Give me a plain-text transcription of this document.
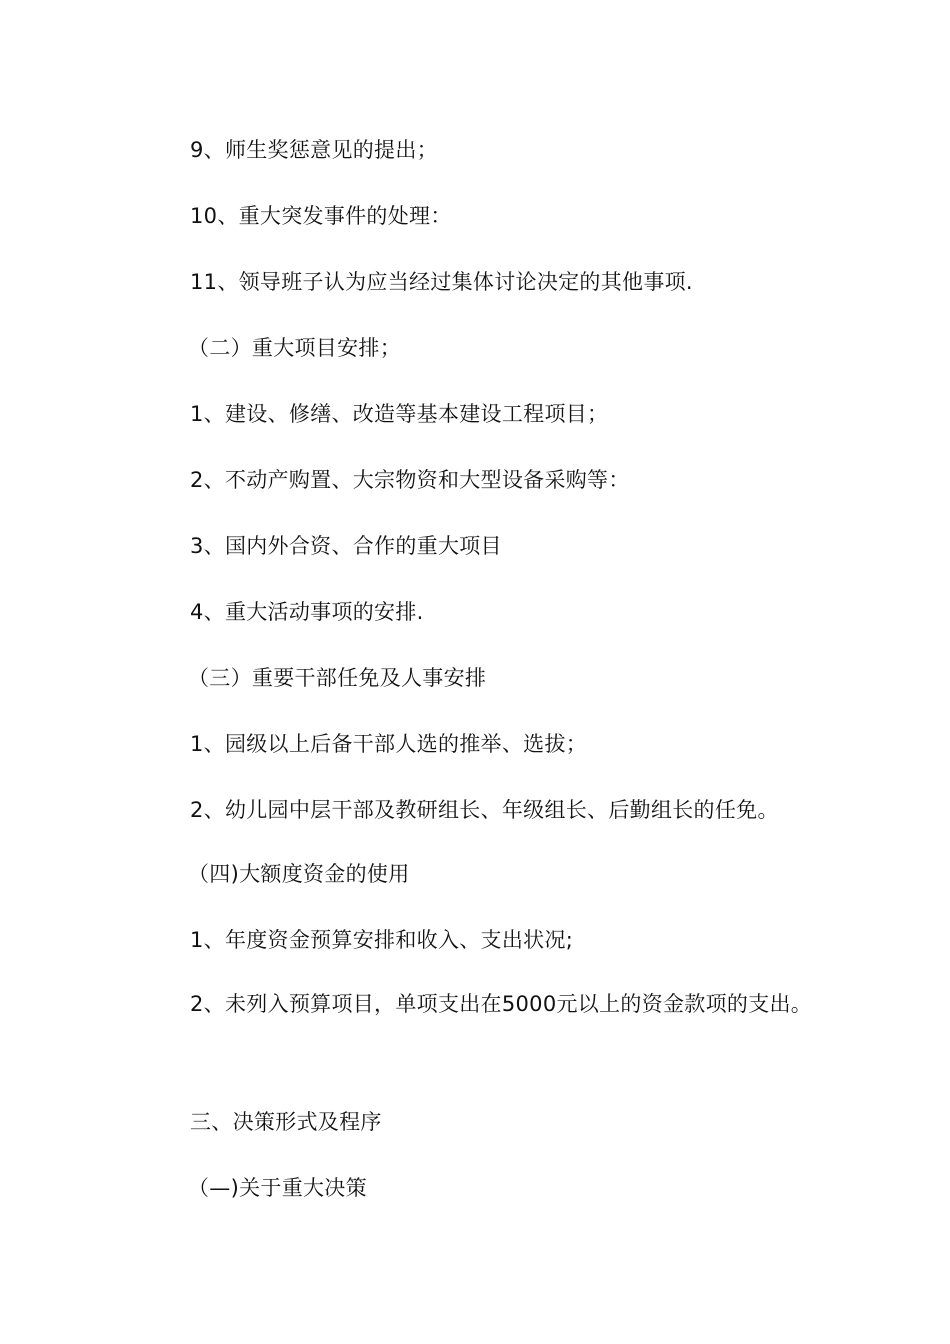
9、师生奖惩意见的提出；

10、重大突发事件的处理：

11、领导班子认为应当经过集体讨论决定的其他事项.

（二）重大项目安排；

1、建设、修缮、改造等基本建设工程项目；

2、不动产购置、大宗物资和大型设备采购等：

3、国内外合资、合作的重大项目

4、重大活动事项的安排.

（三）重要干部任免及人事安排

1、园级以上后备干部人选的推举、选拔；

2、幼儿园中层干部及教研组长、年级组长、后勤组长的任免。

（四)大额度资金的使用

1、年度资金预算安排和收入、支出状况;

2、未列入预算项目，单项支出在5000元以上的资金款项的支出。

三、决策形式及程序

（—)关于重大决策
